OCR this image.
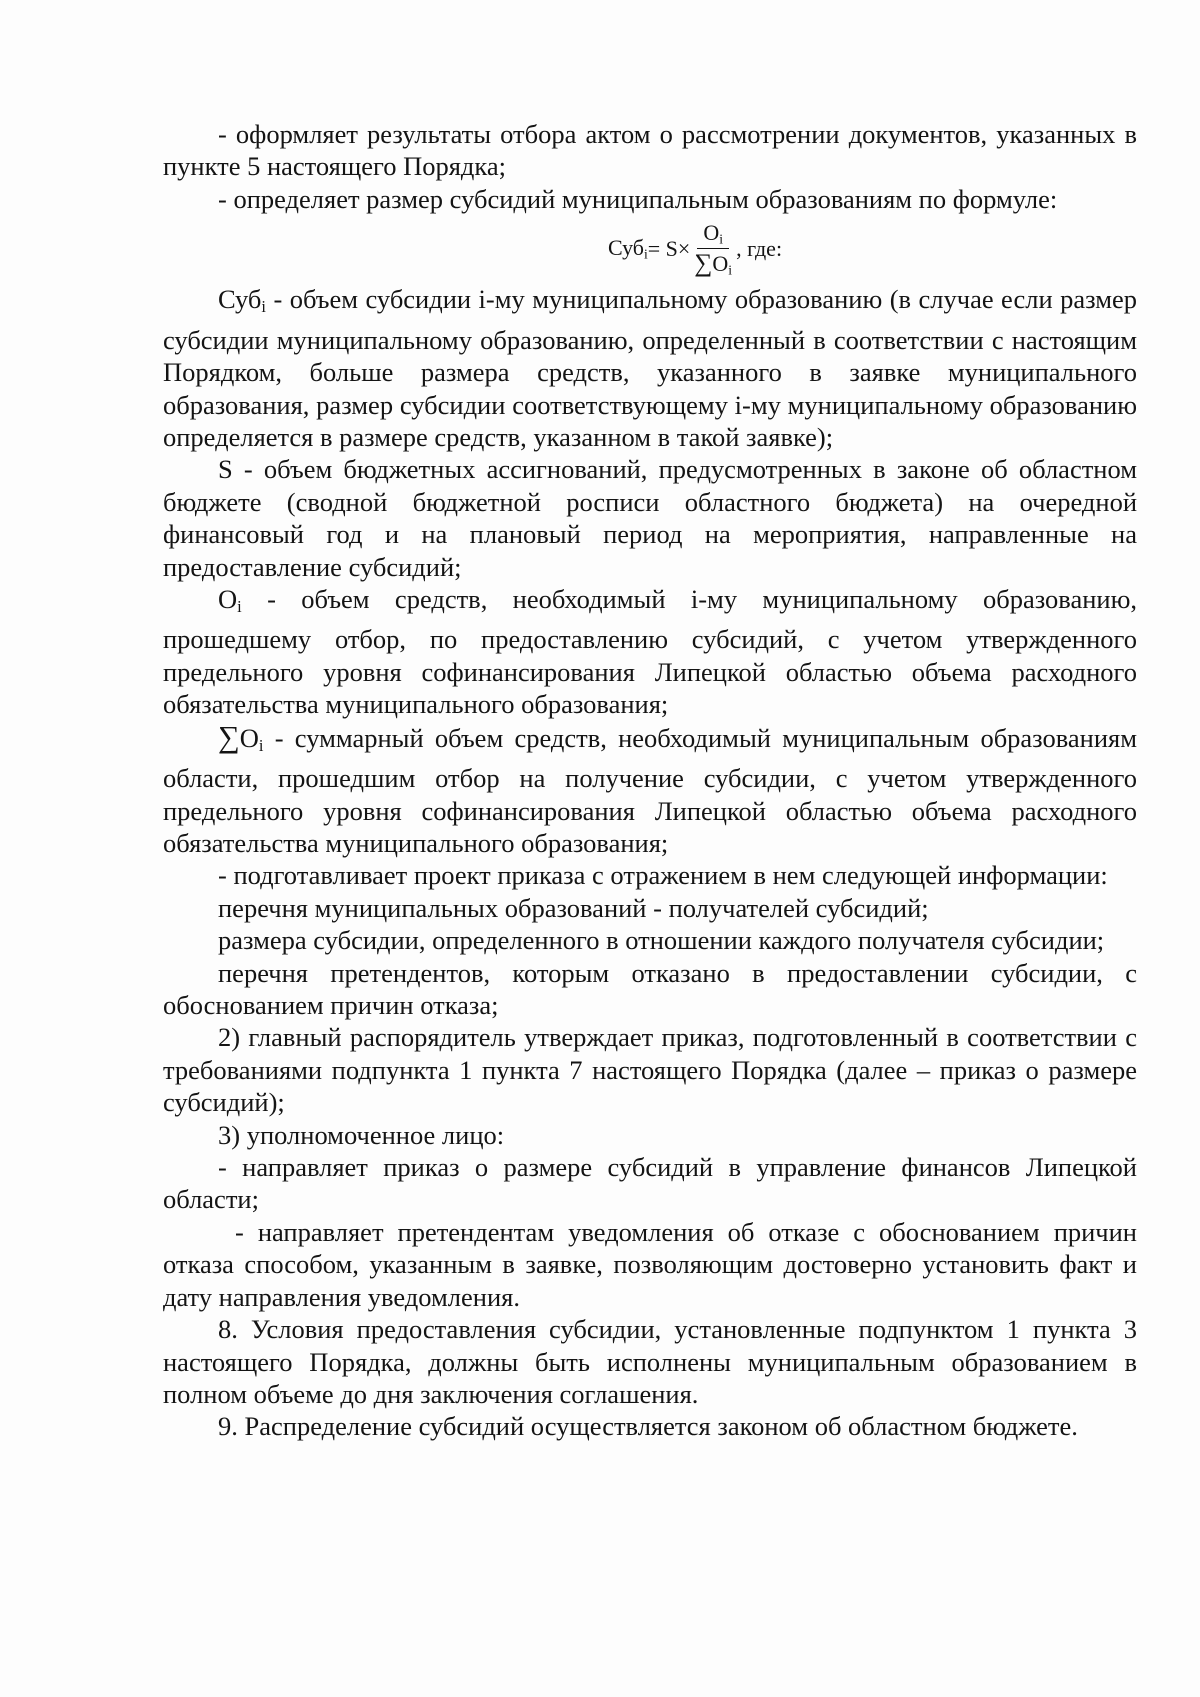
- оформляет результаты отбора актом о рассмотрении документов, указанных в пункте 5 настоящего Порядка;

- определяет размер субсидий муниципальным образованиям по формуле:

$Суб_i = S\times \frac{O_i}{\sum O_i}$ , где:

Суб$_i$ - объем субсидии i-му муниципальному образованию (в случае если размер субсидии муниципальному образованию, определенный в соответствии с настоящим Порядком, больше размера средств, указанного в заявке муниципального образования, размер субсидии соответствующему i-му муниципальному образованию определяется в размере средств, указанном в такой заявке);

S - объем бюджетных ассигнований, предусмотренных в законе об областном бюджете (сводной бюджетной росписи областного бюджета) на очередной финансовый год и на плановый период на мероприятия, направленные на предоставление субсидий;

$O_i$ - объем средств, необходимый i-му муниципальному образованию, прошедшему отбор, по предоставлению субсидий, с учетом утвержденного предельного уровня софинансирования Липецкой областью объема расходного обязательства муниципального образования;

$\sum O_i$ - суммарный объем средств, необходимый муниципальным образованиям области, прошедшим отбор на получение субсидии, с учетом утвержденного предельного уровня софинансирования Липецкой областью объема расходного обязательства муниципального образования;

- подготавливает проект приказа с отражением в нем следующей информации:

перечня муниципальных образований - получателей субсидий;

размера субсидии, определенного в отношении каждого получателя субсидии;

перечня претендентов, которым отказано в предоставлении субсидии, с обоснованием причин отказа;

2) главный распорядитель утверждает приказ, подготовленный в соответствии с требованиями подпункта 1 пункта 7 настоящего Порядка (далее – приказ о размере субсидий);

3) уполномоченное лицо:

- направляет приказ о размере субсидий в управление финансов Липецкой области;

- направляет претендентам уведомления об отказе с обоснованием причин отказа способом, указанным в заявке, позволяющим достоверно установить факт и дату направления уведомления.

8. Условия предоставления субсидии, установленные подпунктом 1 пункта 3 настоящего Порядка, должны быть исполнены муниципальным образованием в полном объеме до дня заключения соглашения.

9. Распределение субсидий осуществляется законом об областном бюджете.
